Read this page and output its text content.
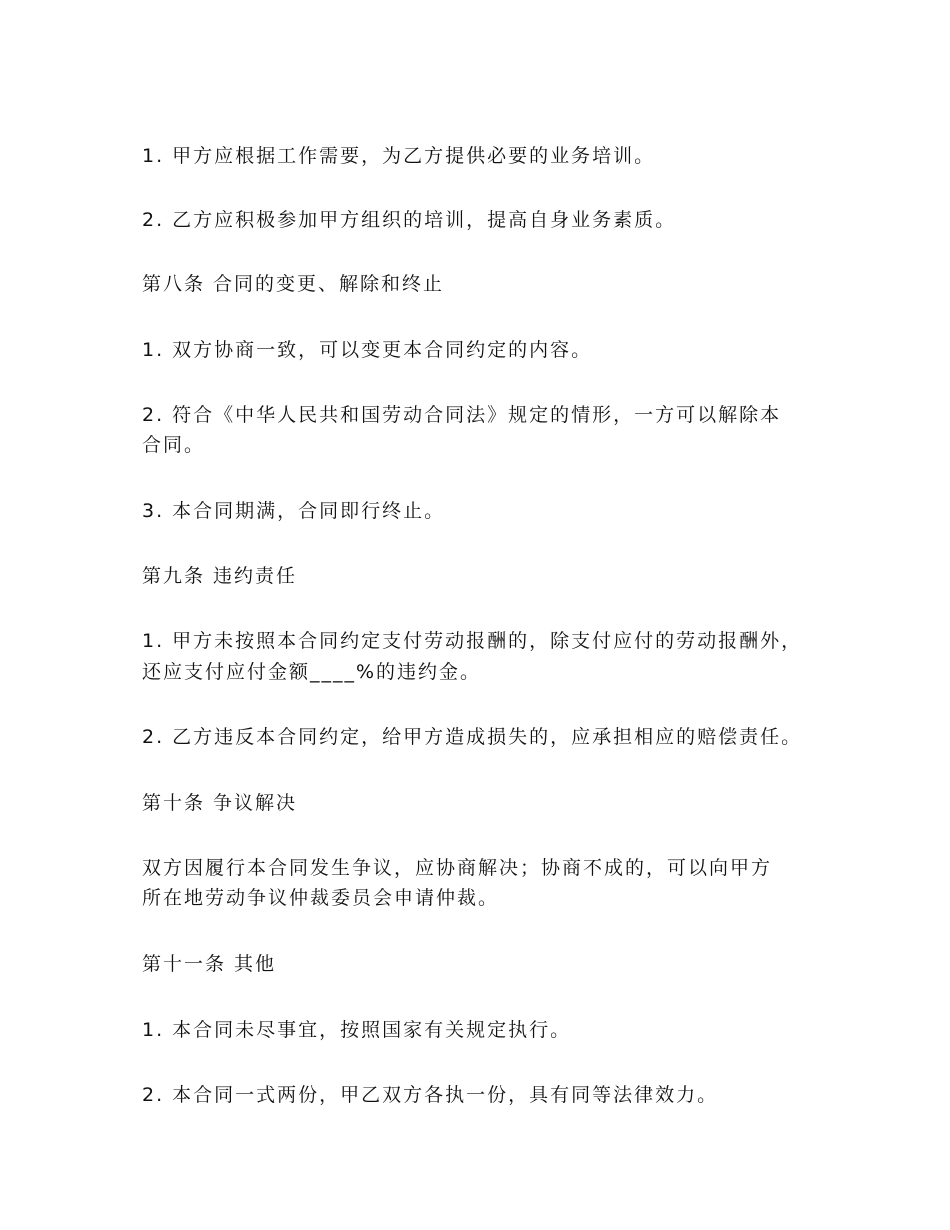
1. 甲方应根据工作需要，为乙方提供必要的业务培训。
2. 乙方应积极参加甲方组织的培训，提高自身业务素质。
第八条 合同的变更、解除和终止
1. 双方协商一致，可以变更本合同约定的内容。
2. 符合《中华人民共和国劳动合同法》规定的情形，一方可以解除本
合同。
3. 本合同期满，合同即行终止。
第九条 违约责任
1. 甲方未按照本合同约定支付劳动报酬的，除支付应付的劳动报酬外，
还应支付应付金额____%的违约金。
2. 乙方违反本合同约定，给甲方造成损失的，应承担相应的赔偿责任。
第十条 争议解决
双方因履行本合同发生争议，应协商解决；协商不成的，可以向甲方
所在地劳动争议仲裁委员会申请仲裁。
第十一条 其他
1. 本合同未尽事宜，按照国家有关规定执行。
2. 本合同一式两份，甲乙双方各执一份，具有同等法律效力。
